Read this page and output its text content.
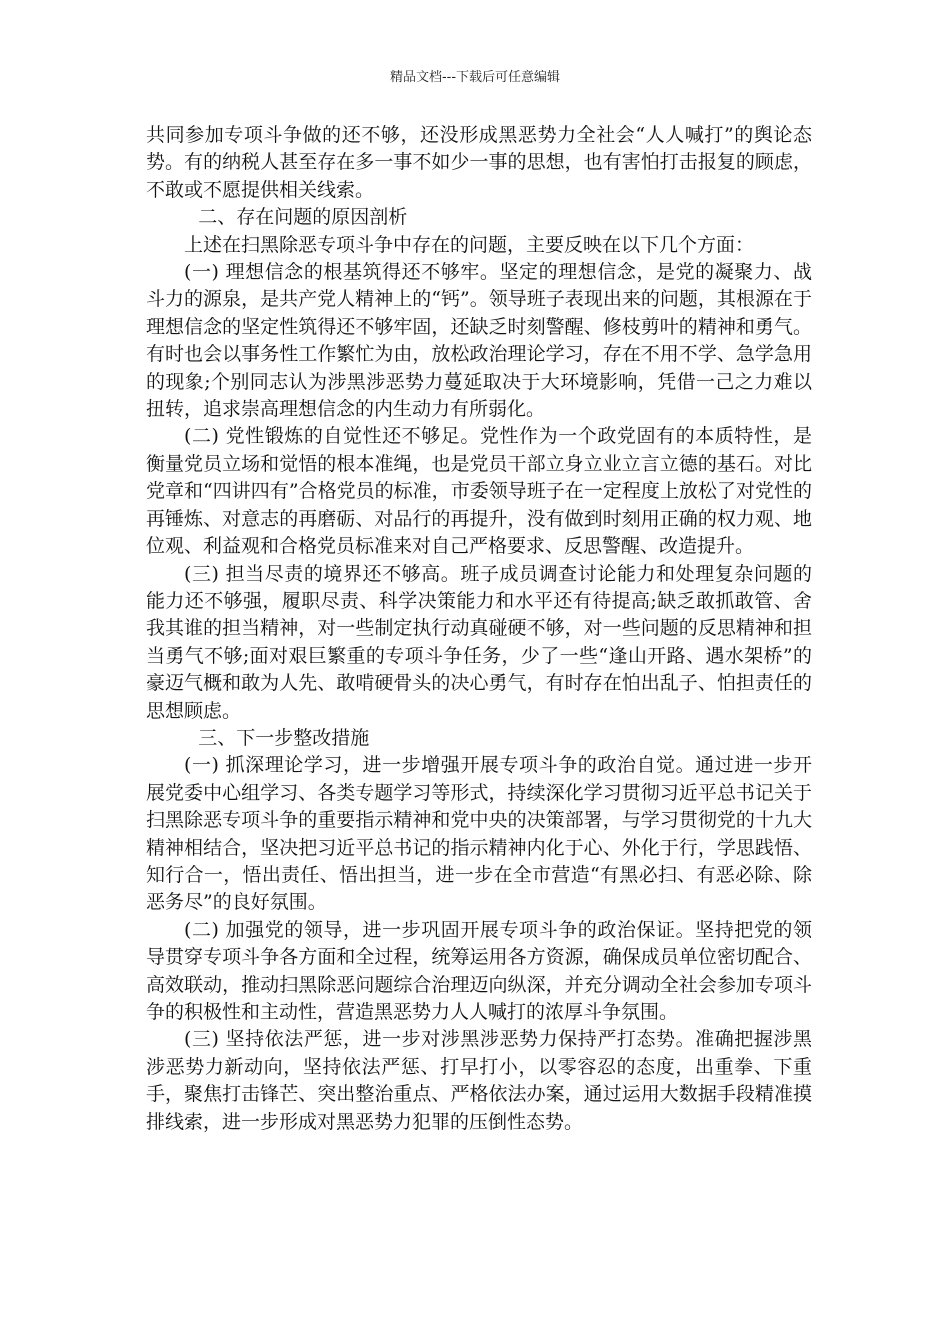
精品文档---下载后可任意编辑

共同参加专项斗争做的还不够，还没形成黑恶势力全社会“人人喊打”的舆论态势。有的纳税人甚至存在多一事不如少一事的思想，也有害怕打击报复的顾虑，不敢或不愿提供相关线索。

二、存在问题的原因剖析

上述在扫黑除恶专项斗争中存在的问题，主要反映在以下几个方面：

(一) 理想信念的根基筑得还不够牢。坚定的理想信念，是党的凝聚力、战斗力的源泉，是共产党人精神上的“钙”。领导班子表现出来的问题，其根源在于理想信念的坚定性筑得还不够牢固，还缺乏时刻警醒、修枝剪叶的精神和勇气。有时也会以事务性工作繁忙为由，放松政治理论学习，存在不用不学、急学急用的现象;个别同志认为涉黑涉恶势力蔓延取决于大环境影响，凭借一己之力难以扭转，追求崇高理想信念的内生动力有所弱化。

(二) 党性锻炼的自觉性还不够足。党性作为一个政党固有的本质特性，是衡量党员立场和觉悟的根本准绳，也是党员干部立身立业立言立德的基石。对比党章和“四讲四有”合格党员的标准，市委领导班子在一定程度上放松了对党性的再锤炼、对意志的再磨砺、对品行的再提升，没有做到时刻用正确的权力观、地位观、利益观和合格党员标准来对自己严格要求、反思警醒、改造提升。

(三) 担当尽责的境界还不够高。班子成员调查讨论能力和处理复杂问题的能力还不够强，履职尽责、科学决策能力和水平还有待提高;缺乏敢抓敢管、舍我其谁的担当精神，对一些制定执行动真碰硬不够，对一些问题的反思精神和担当勇气不够;面对艰巨繁重的专项斗争任务，少了一些“逢山开路、遇水架桥”的豪迈气概和敢为人先、敢啃硬骨头的决心勇气，有时存在怕出乱子、怕担责任的思想顾虑。

三、下一步整改措施

(一) 抓深理论学习，进一步增强开展专项斗争的政治自觉。通过进一步开展党委中心组学习、各类专题学习等形式，持续深化学习贯彻习近平总书记关于扫黑除恶专项斗争的重要指示精神和党中央的决策部署，与学习贯彻党的十九大精神相结合，坚决把习近平总书记的指示精神内化于心、外化于行，学思践悟、知行合一，悟出责任、悟出担当，进一步在全市营造“有黑必扫、有恶必除、除恶务尽”的良好氛围。

(二) 加强党的领导，进一步巩固开展专项斗争的政治保证。坚持把党的领导贯穿专项斗争各方面和全过程，统筹运用各方资源，确保成员单位密切配合、高效联动，推动扫黑除恶问题综合治理迈向纵深，并充分调动全社会参加专项斗争的积极性和主动性，营造黑恶势力人人喊打的浓厚斗争氛围。

(三) 坚持依法严惩，进一步对涉黑涉恶势力保持严打态势。准确把握涉黑涉恶势力新动向，坚持依法严惩、打早打小，以零容忍的态度，出重拳、下重手，聚焦打击锋芒、突出整治重点、严格依法办案，通过运用大数据手段精准摸排线索，进一步形成对黑恶势力犯罪的压倒性态势。
